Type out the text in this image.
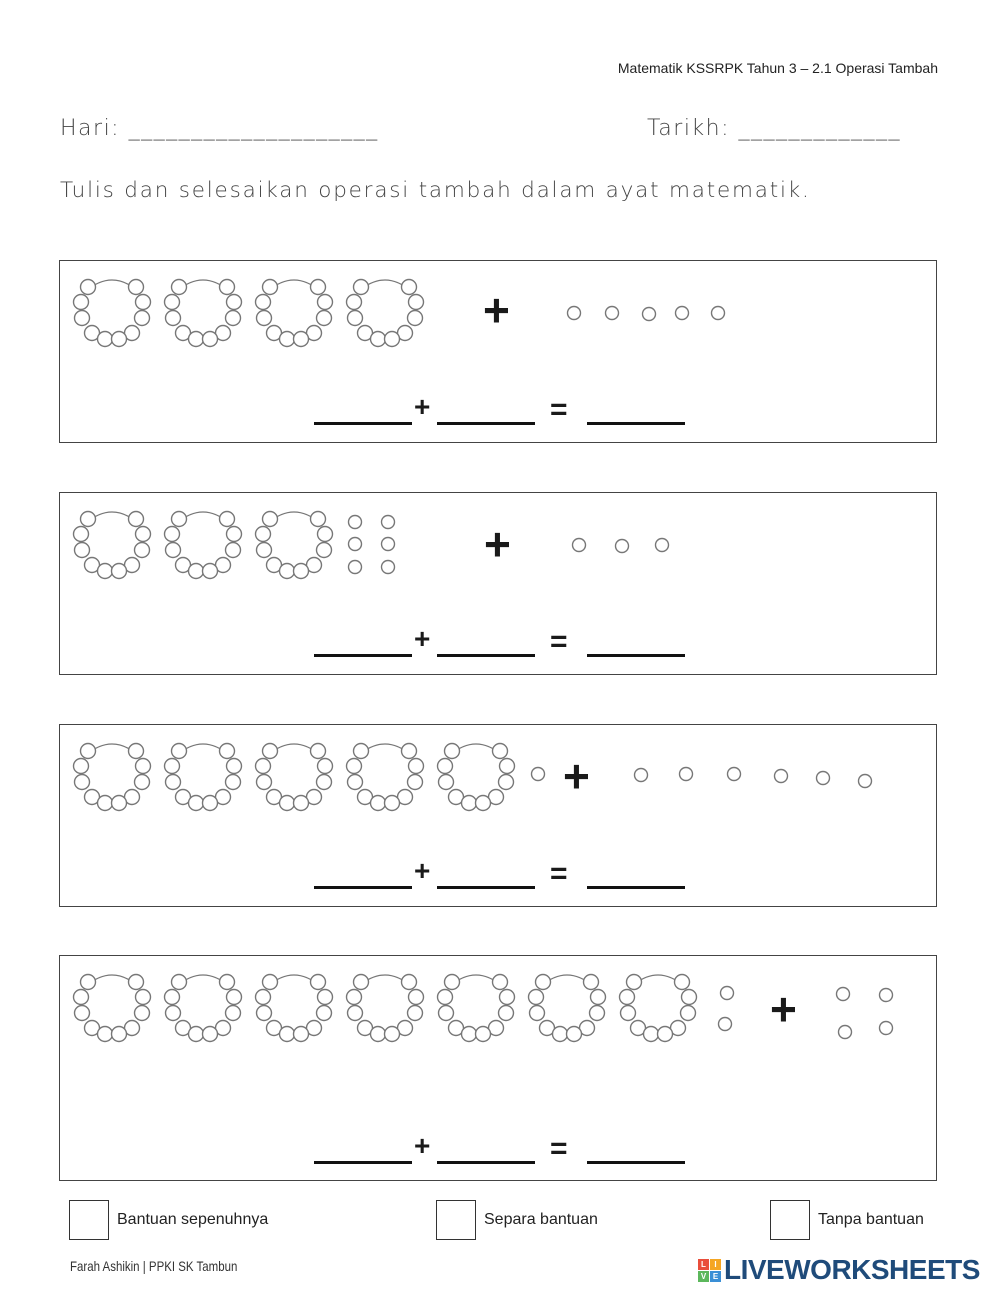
Matematik KSSRPK Tahun 3 – 2.1 Operasi Tambah
Hari: ____________________	Tarikh: _____________
Tulis dan selesaikan operasi tambah dalam ayat matematik.
+
+	=
+
+	=
+
+	=
+
+	=
Bantuan sepenuhnya	Separa bantuan	Tanpa bantuan
Farah Ashikin | PPKI SK Tambun	L	I
V E LIVEWORKSHEETS
